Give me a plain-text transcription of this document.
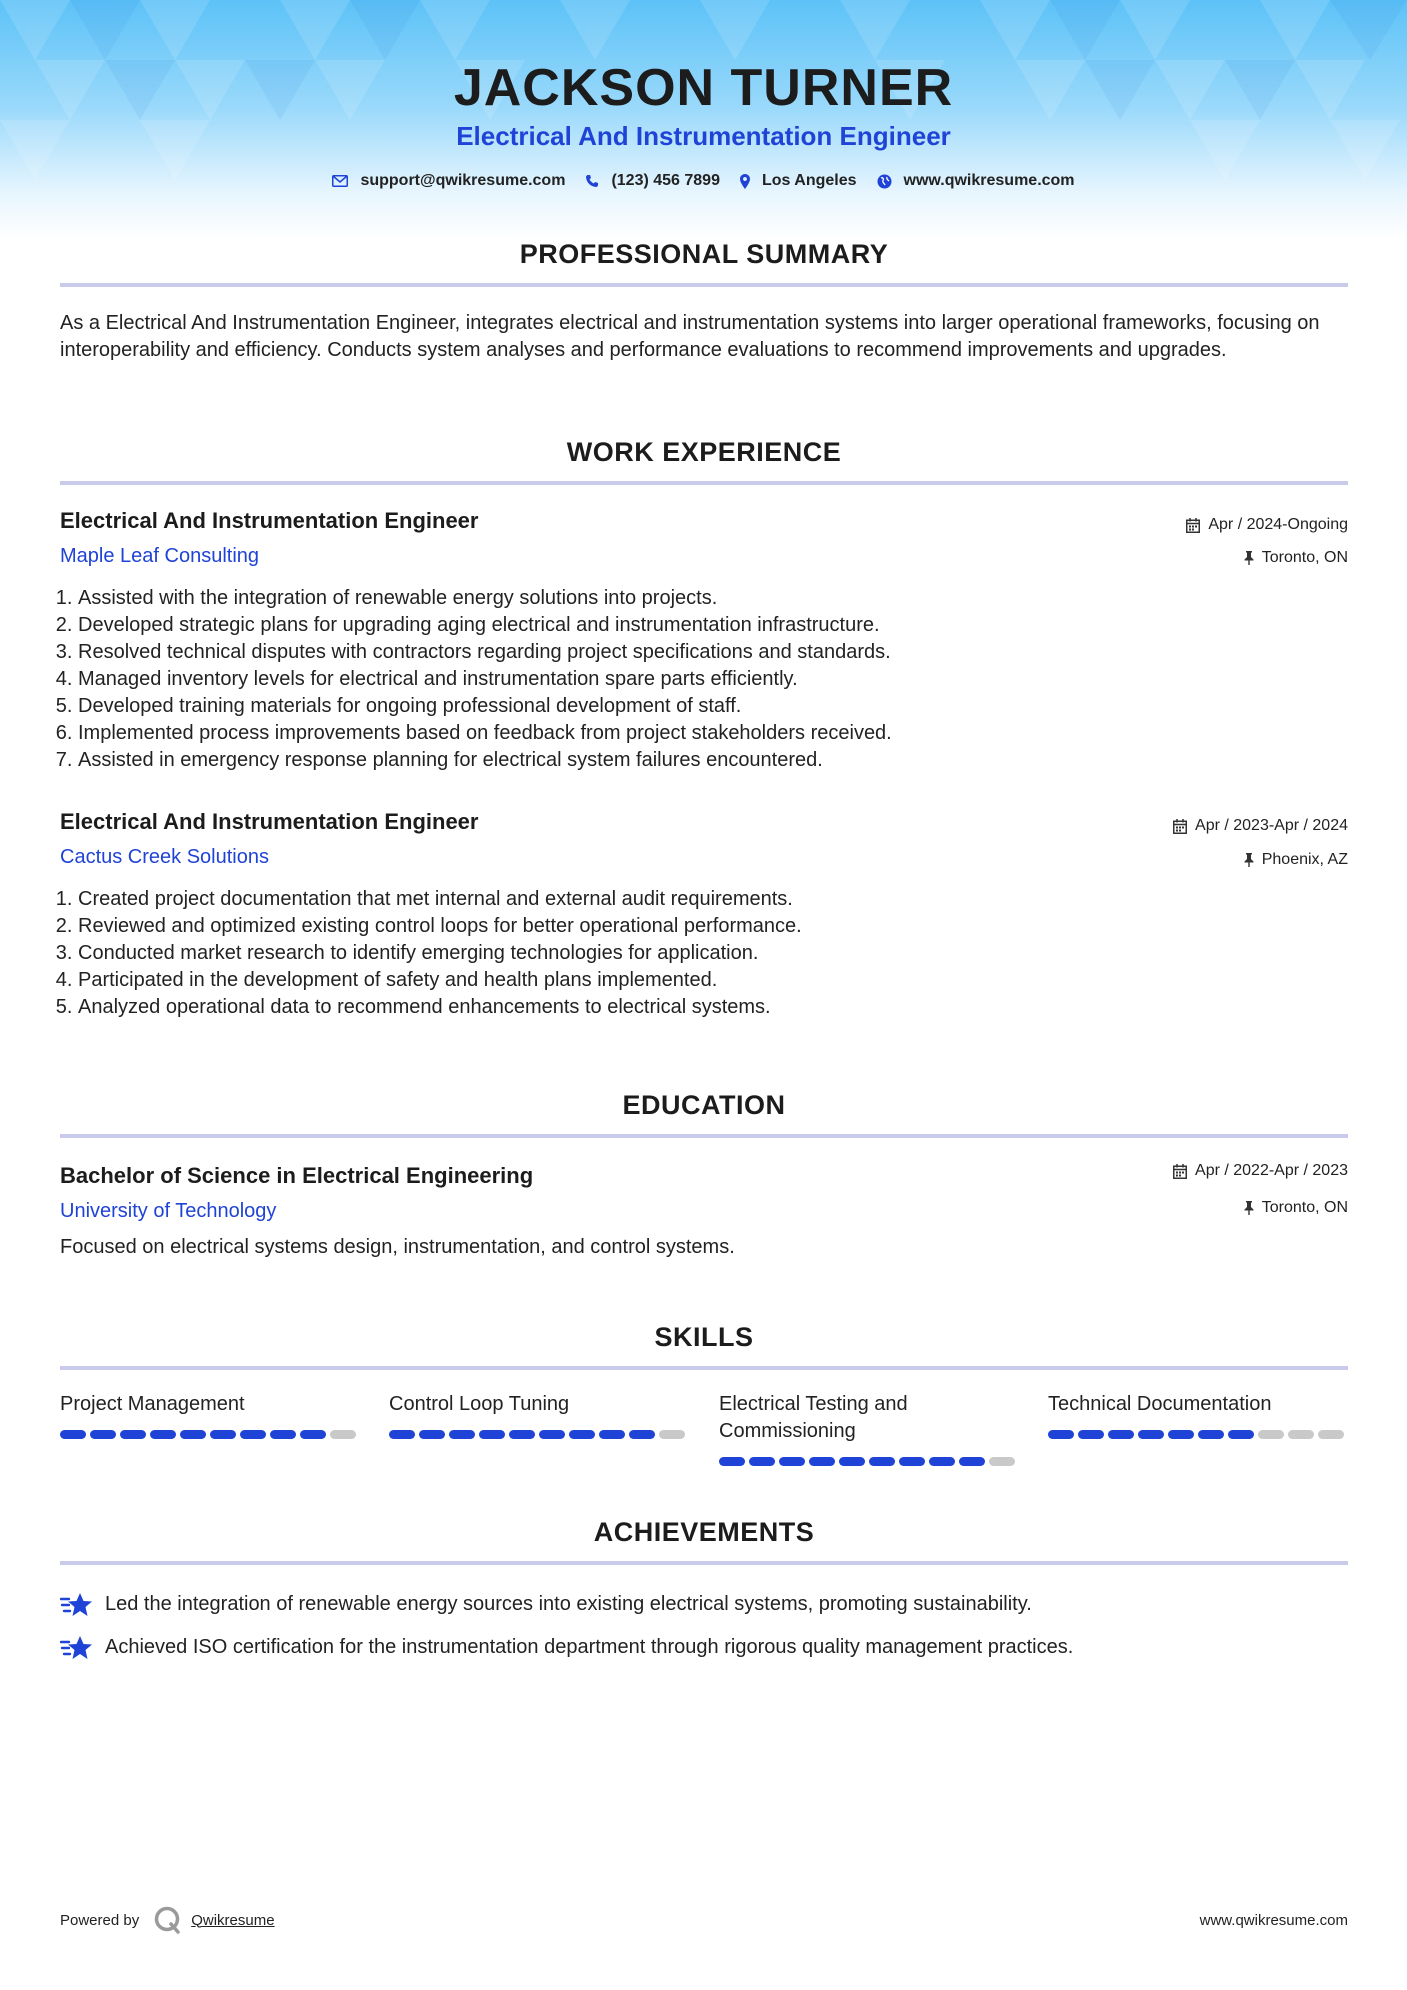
JACKSON TURNER
Electrical And Instrumentation Engineer
support@qwikresume.com	(123) 456 7899	Los Angeles	www.qwikresume.com
PROFESSIONAL SUMMARY

As a Electrical And Instrumentation Engineer, integrates electrical and instrumentation systems into larger operational frameworks, focusing on interoperability and efficiency. Conducts system analyses and performance evaluations to recommend improvements and upgrades.

WORK EXPERIENCE
Electrical And Instrumentation Engineer
Maple Leaf Consulting
Apr / 2024-Ongoing
Toronto, ON
1. Assisted with the integration of renewable energy solutions into projects.
2. Developed strategic plans for upgrading aging electrical and instrumentation infrastructure.
3. Resolved technical disputes with contractors regarding project specifications and standards.
4. Managed inventory levels for electrical and instrumentation spare parts efficiently.
5. Developed training materials for ongoing professional development of staff.
6. Implemented process improvements based on feedback from project stakeholders received.
7. Assisted in emergency response planning for electrical system failures encountered.
Electrical And Instrumentation Engineer
Cactus Creek Solutions
Apr / 2023-Apr / 2024
Phoenix, AZ
1. Created project documentation that met internal and external audit requirements.
2. Reviewed and optimized existing control loops for better operational performance.
3. Conducted market research to identify emerging technologies for application.
4. Participated in the development of safety and health plans implemented.
5. Analyzed operational data to recommend enhancements to electrical systems.
EDUCATION
Bachelor of Science in Electrical Engineering
University of Technology
Apr / 2022-Apr / 2023
Toronto, ON

Focused on electrical systems design, instrumentation, and control systems.

SKILLS
Project Management	Control Loop Tuning	Electrical Testing and Commissioning
Technical Documentation
ACHIEVEMENTS
Led the integration of renewable energy sources into existing electrical systems, promoting sustainability.
Achieved ISO certification for the instrumentation department through rigorous quality management practices.
Powered by	Qwikresume	www.qwikresume.com
